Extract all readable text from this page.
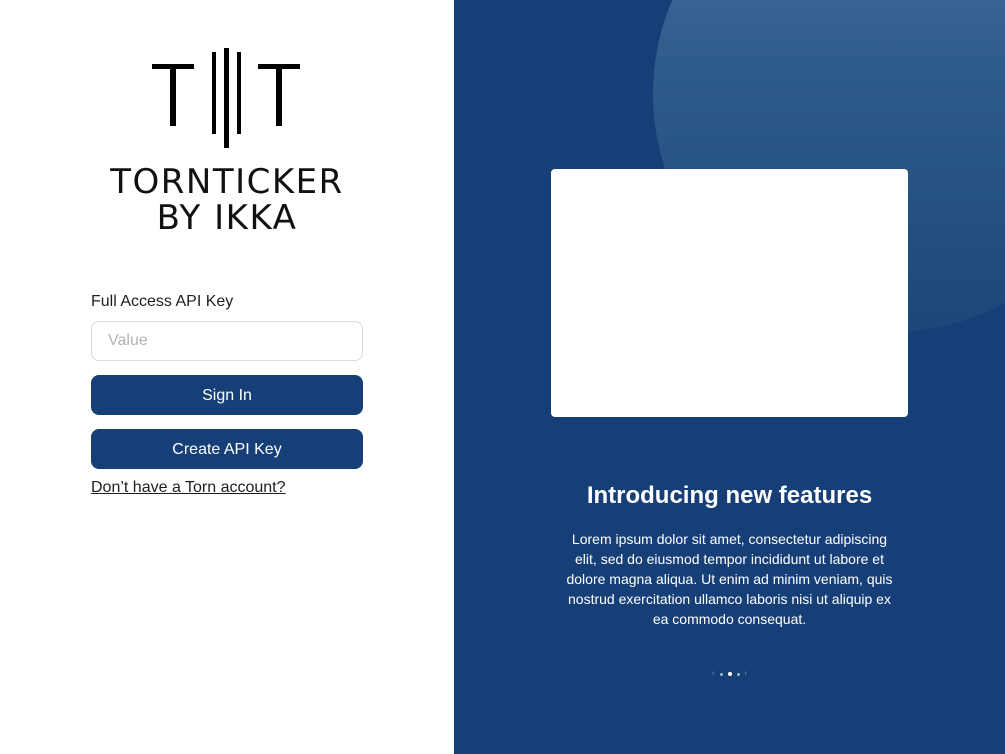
TORNTICKER
BY IKKA
Full Access API Key
Value
Sign In
Create API Key
Don’t have a Torn account?	Introducing new features
Lorem ipsum dolor sit amet, consectetur adipiscing
elit, sed do eiusmod tempor incididunt ut labore et
dolore magna aliqua. Ut enim ad minim veniam, quis
nostrud exercitation ullamco laboris nisi ut aliquip ex
ea commodo consequat.
‹	›
